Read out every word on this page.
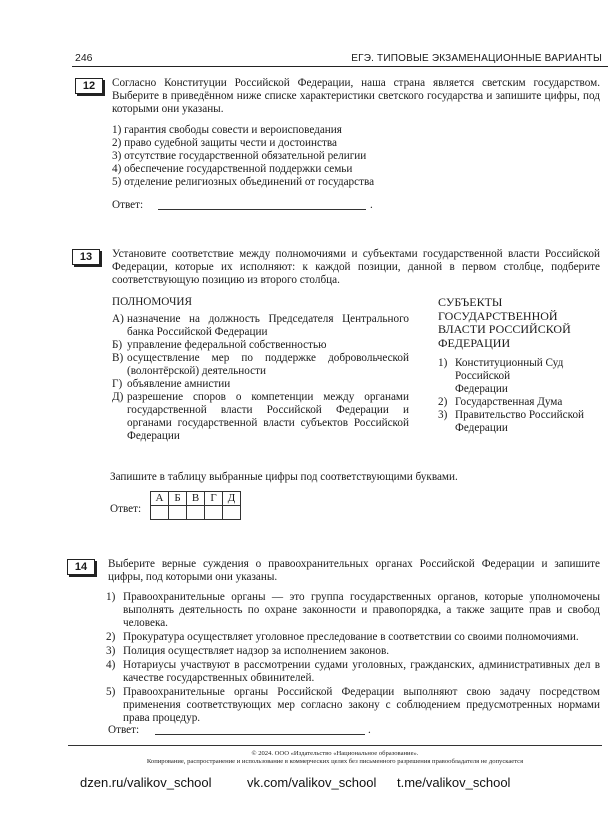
246	ЕГЭ. ТИПОВЫЕ ЭКЗАМЕНАЦИОННЫЕ ВАРИАНТЫ
12	Согласно Конституции Российской Федерации, наша страна является светским государством. Выберите в приведённом ниже списке характеристики светского государства и запишите цифры, под которыми они указаны.

1) гарантия свободы совести и вероисповедания
2) право судебной защиты чести и достоинства
3) отсутствие государственной обязательной религии
4) обеспечение государственной поддержки семьи
5) отделение религиозных объединений от государства
Ответ:	.
13	Установите соответствие между полномочиями и субъектами государственной власти Российской Федерации, которые их исполняют: к каждой позиции, данной в первом столбце, подберите соответствующую позицию из второго столбца.

ПОЛНОМОЧИЯ
А) назначение на должность Председателя Центрального банка Российской Федерации
Б) управление федеральной собственностью
В) осуществление мер по поддержке добровольческой (волонтёрской) деятельности
Г) объявление амнистии
Д) разрешение споров о компетенции между органами государственной власти Российской Федерации и органами государственной власти субъектов Российской Федерации
СУБЪЕКТЫ ГОСУДАРСТВЕННОЙ ВЛАСТИ РОССИЙСКОЙ ФЕДЕРАЦИИ
1) Конституционный Суд Российской Федерации
2) Государственная Дума
3) Правительство Российской Федерации
Запишите в таблицу выбранные цифры под соответствующими буквами.
Ответ:
А	Б	В	Г	Д

14	Выберите верные суждения о правоохранительных органах Российской Федерации и запишите цифры, под которыми они указаны.

1) Правоохранительные органы — это группа государственных органов, которые уполномочены выполнять деятельность по охране законности и правопорядка, а также защите прав и свобод человека.
2) Прокуратура осуществляет уголовное преследование в соответствии со своими полномочиями.
3) Полиция осуществляет надзор за исполнением законов.
4) Нотариусы участвуют в рассмотрении судами уголовных, гражданских, административных дел в качестве государственных обвинителей.
5) Правоохранительные органы Российской Федерации выполняют свою задачу посредством применения соответствующих мер согласно закону с соблюдением предусмотренных нормами права процедур.
Ответ:	.
© 2024. ООО «Издательство «Национальное образование».
Копирование, распространение и использование в коммерческих целях без письменного разрешения правообладателя не допускается
dzen.ru/valikov_school	vk.com/valikov_school t.me/valikov_school
